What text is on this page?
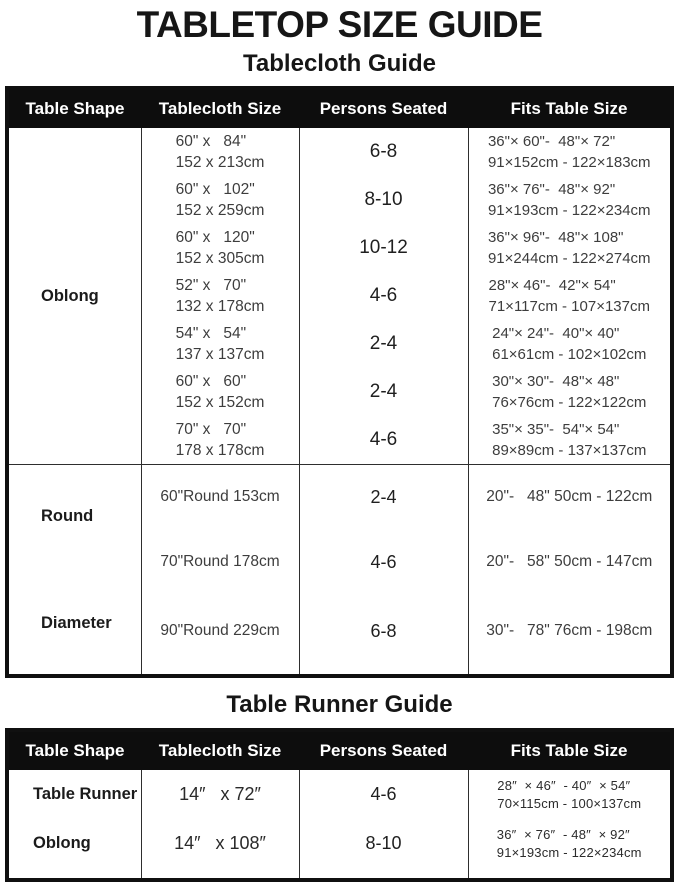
TABLETOP SIZE GUIDE
Tablecloth Guide
Table Shape	Tablecloth Size	Persons Seated	Fits Table Size
Oblong	
60" x   84"
152 x 213cm
	6-8	36"× 60"-  48"× 72"
91×152cm - 122×183cm

60" x   102"
152 x 259cm
	8-10	36"× 76"-  48"× 92"
91×193cm - 122×234cm

60" x   120"
152 x 305cm
	10-12	36"× 96"-  48"× 108"
91×244cm - 122×274cm

52" x   70"
132 x 178cm
	4-6	28"× 46"-  42"× 54"
71×117cm - 107×137cm

54" x   54"
137 x 137cm
	2-4	24"× 24"-  40"× 40"
61×61cm - 102×102cm

60" x   60"
152 x 152cm
	2-4	30"× 30"-  48"× 48"
76×76cm - 122×122cm

70" x   70"
178 x 178cm
	4-6	35"× 35"-  54"× 54"
89×89cm - 137×137cm

Round

Diameter	60"Round 153cm	2-4	20"-   48" 50cm - 122cm
	70"Round 178cm	4-6	20"-   58" 50cm - 147cm
	90"Round 229cm	6-8	30"-   78" 76cm - 198cm
Table Runner Guide
Table Shape	Tablecloth Size	Persons Seated	Fits Table Size
Table Runner	14″   x 72″	4-6	28″  × 46″  - 40″  × 54″
70×115cm - 100×137cm

Oblong	14″   x 108″	8-10	36″  × 76″  - 48″  × 92″
91×193cm - 122×234cm
